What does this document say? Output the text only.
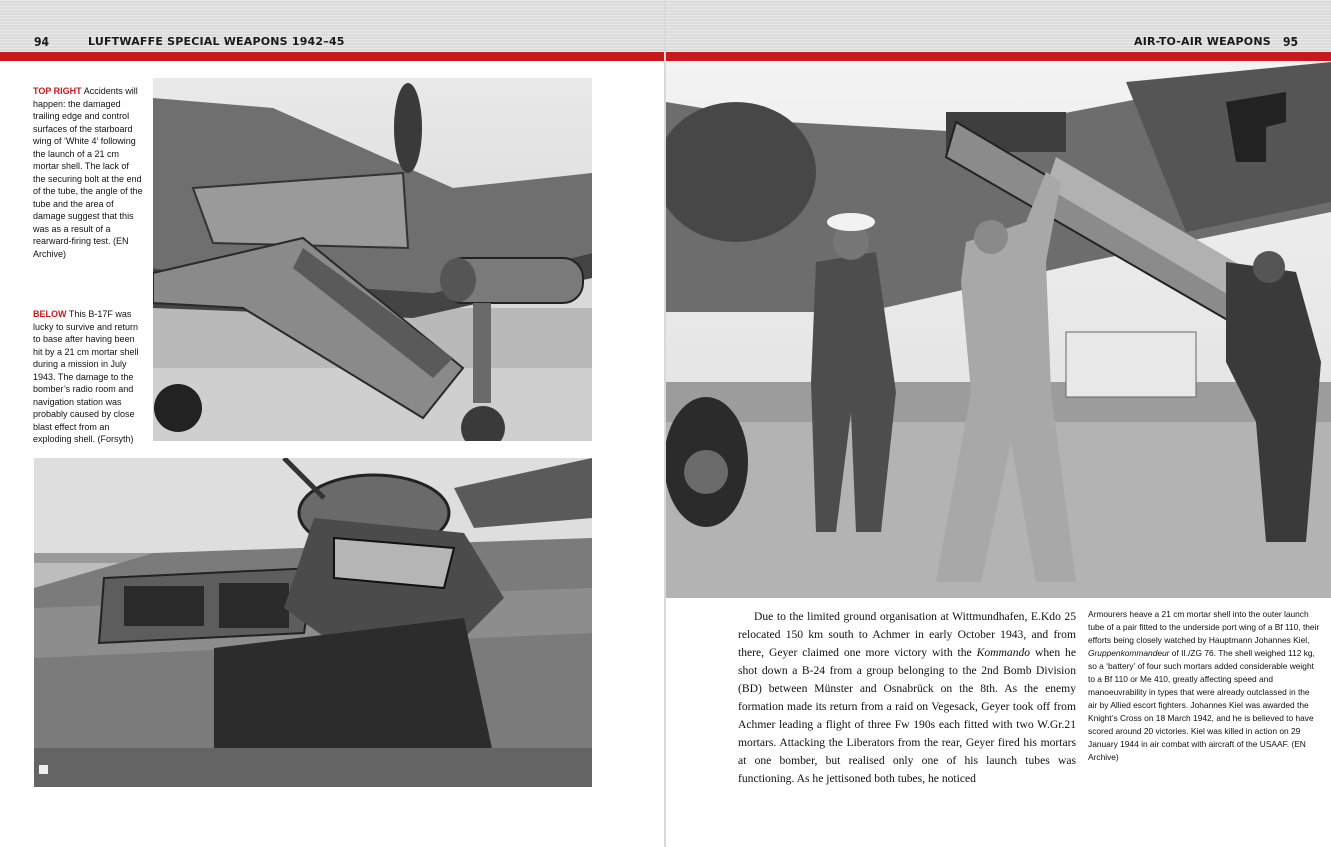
94	LUFTWAFFE SPECIAL WEAPONS 1942–45
TOP RIGHT Accidents will happen: the damaged trailing edge and control surfaces of the starboard wing of ‘White 4’ following the launch of a 21 cm mortar shell. The lack of the securing bolt at the end of the tube, the angle of the tube and the area of damage suggest that this was as a result of a rearward-firing test. (EN Archive)
BELOW This B-17F was lucky to survive and return to base after having been hit by a 21 cm mortar shell during a mission in July 1943. The damage to the bomber’s radio room and navigation station was probably caused by close blast effect from an exploding shell. (Forsyth)
AIR-TO-AIR WEAPONS 95

Due to the limited ground organisation at Wittmundhafen, E.Kdo 25 relocated 150 km south to Achmer in early October 1943, and from there, Geyer claimed one more victory with the Kommando when he shot down a B-24 from a group belonging to the 2nd Bomb Division (BD) between Münster and Osnabrück on the 8th. As the enemy formation made its return from a raid on Vegesack, Geyer took off from Achmer leading a flight of three Fw 190s each fitted with two W.Gr.21 mortars. Attacking the Liberators from the rear, Geyer fired his mortars at one bomber, but realised only one of his launch tubes was functioning. As he jettisoned both tubes, he noticed

Armourers heave a 21 cm mortar shell into the outer launch tube of a pair fitted to the underside port wing of a Bf 110, their efforts being closely watched by Hauptmann Johannes Kiel, Gruppenkommandeur of II./ZG 76. The shell weighed 112 kg, so a ‘battery’ of four such mortars added considerable weight to a Bf 110 or Me 410, greatly affecting speed and manoeuvrability in types that were already outclassed in the air by Allied escort fighters. Johannes Kiel was awarded the Knight’s Cross on 18 March 1942, and he is believed to have scored around 20 victories. Kiel was killed in action on 29 January 1944 in air combat with aircraft of the USAAF. (EN Archive)
